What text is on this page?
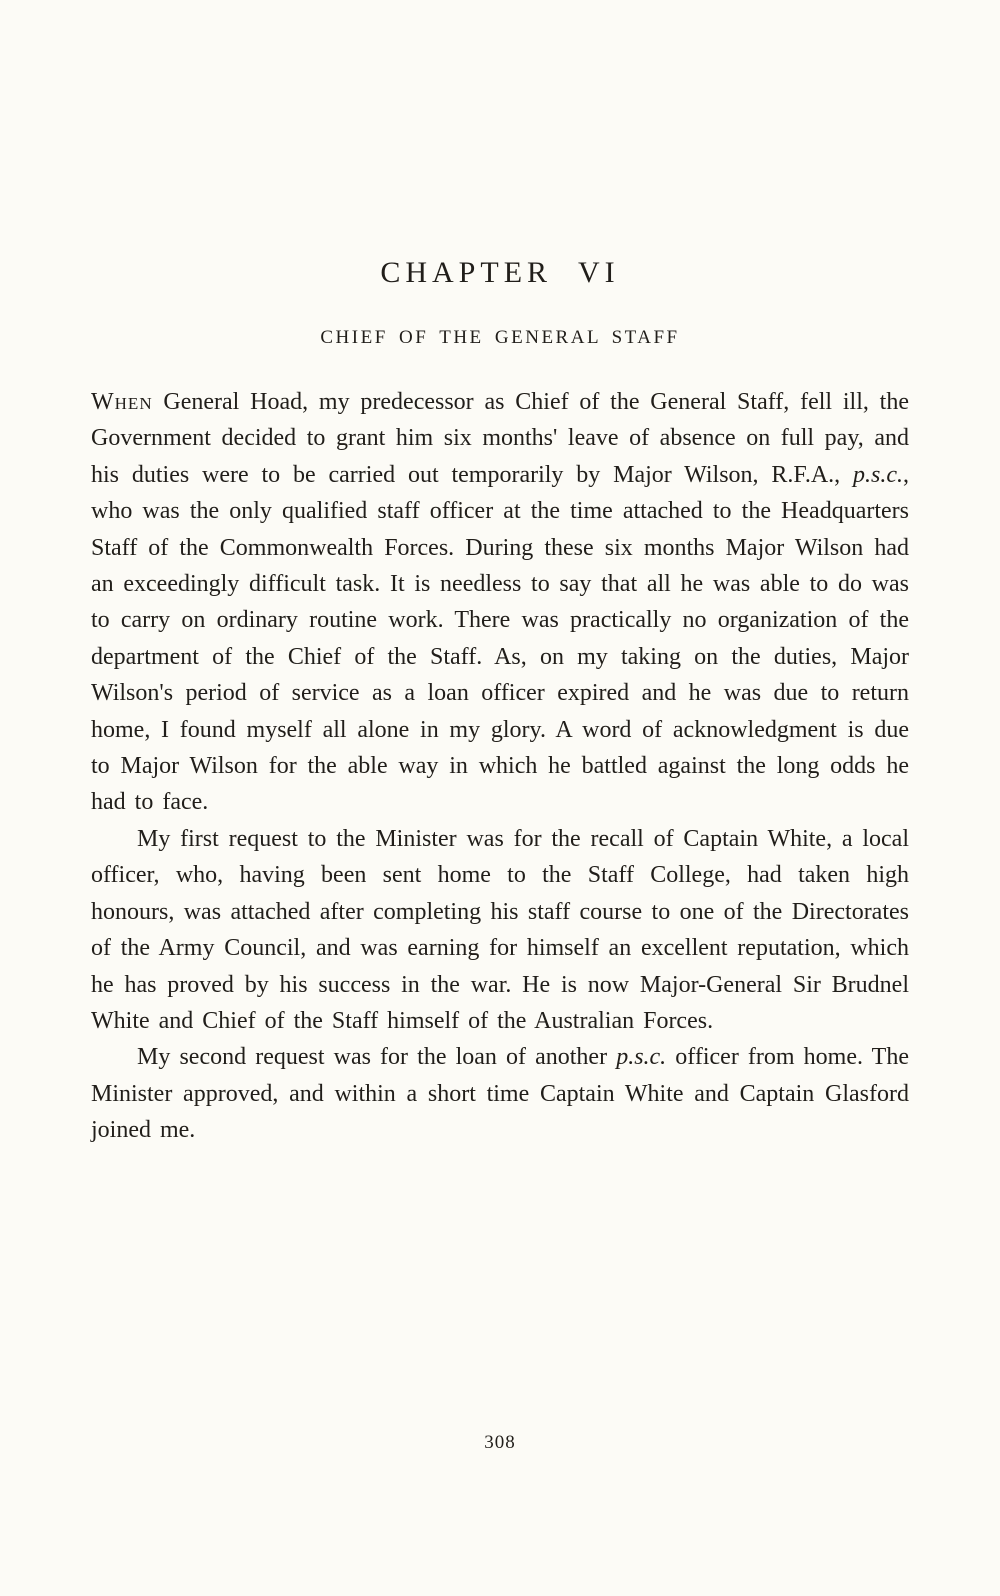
CHAPTER VI
CHIEF OF THE GENERAL STAFF

When General Hoad, my predecessor as Chief of the General Staff, fell ill, the Government decided to grant him six months' leave of absence on full pay, and his duties were to be carried out temporarily by Major Wilson, R.F.A., p.s.c., who was the only qualified staff officer at the time attached to the Headquarters Staff of the Commonwealth Forces. During these six months Major Wilson had an exceedingly difficult task. It is needless to say that all he was able to do was to carry on ordinary routine work. There was practically no organization of the department of the Chief of the Staff. As, on my taking on the duties, Major Wilson's period of service as a loan officer expired and he was due to return home, I found myself all alone in my glory. A word of acknowledgment is due to Major Wilson for the able way in which he battled against the long odds he had to face.

My first request to the Minister was for the recall of Captain White, a local officer, who, having been sent home to the Staff College, had taken high honours, was attached after completing his staff course to one of the Directorates of the Army Council, and was earning for himself an excellent reputation, which he has proved by his success in the war. He is now Major-General Sir Brudnel White and Chief of the Staff himself of the Australian Forces.

My second request was for the loan of another p.s.c. officer from home. The Minister approved, and within a short time Captain White and Captain Glasford joined me.

308
